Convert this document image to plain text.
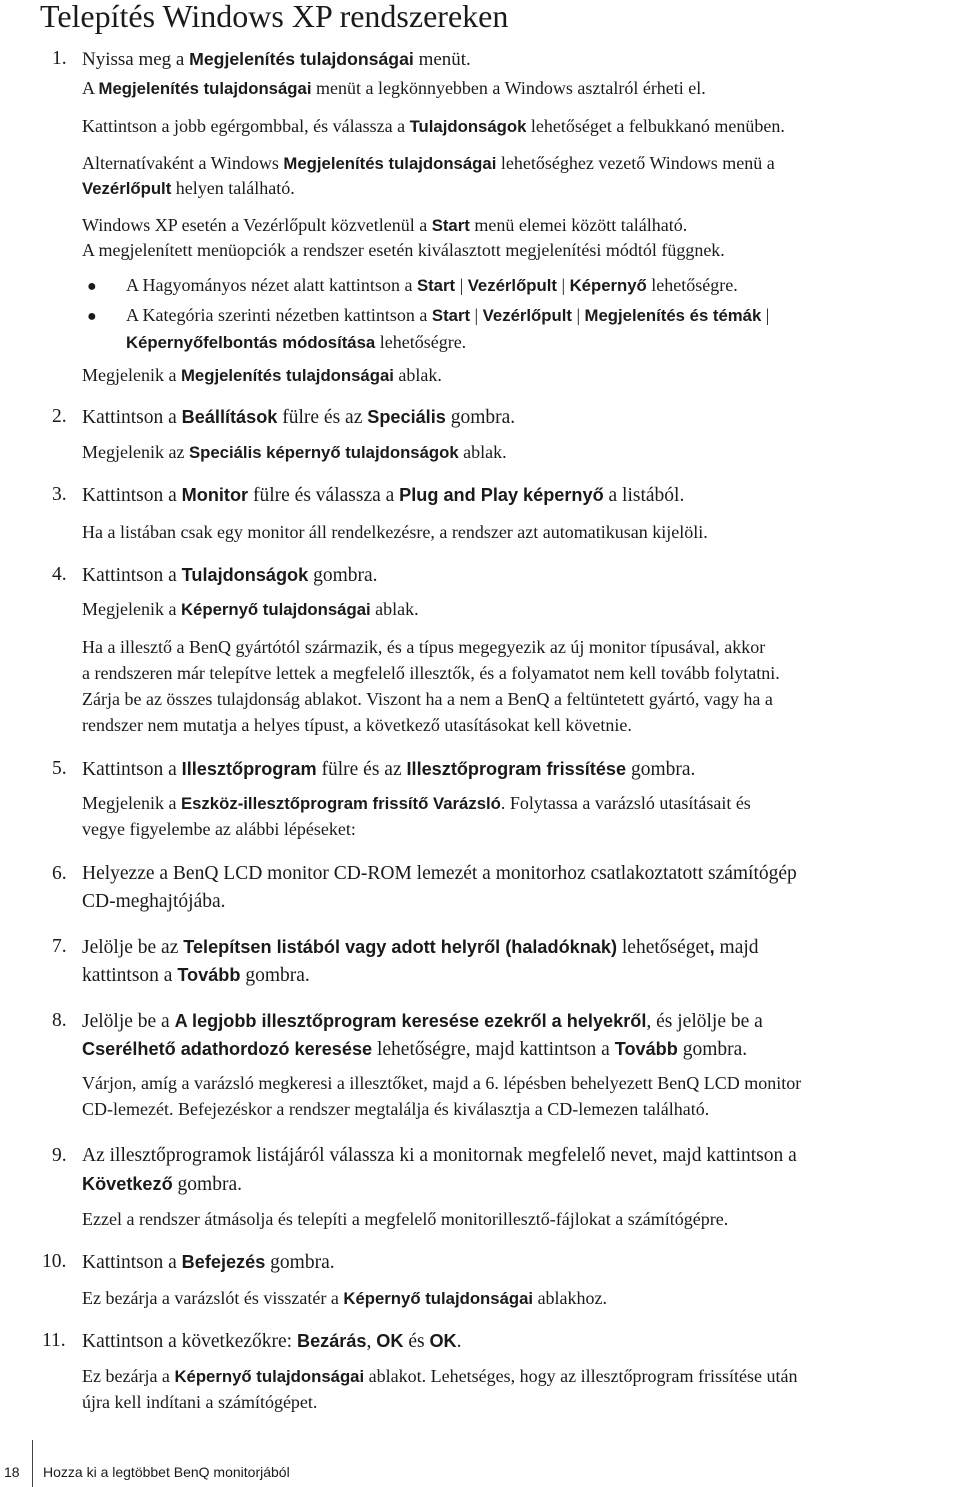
Telepítés Windows XP rendszereken
1. Nyissa meg a Megjelenítés tulajdonságai menüt.
A Megjelenítés tulajdonságai menüt a legkönnyebben a Windows asztalról érheti el.
Kattintson a jobb egérgombbal, és válassza a Tulajdonságok lehetőséget a felbukkanó menüben.
Alternatívaként a Windows Megjelenítés tulajdonságai lehetőséghez vezető Windows menü a
Vezérlőpult helyen található.
Windows XP esetén a Vezérlőpult közvetlenül a Start menü elemei között található.
A megjelenített menüopciók a rendszer esetén kiválasztott megjelenítési módtól függnek.
● A Hagyományos nézet alatt kattintson a Start | Vezérlőpult | Képernyő lehetőségre.
● A Kategória szerinti nézetben kattintson a Start | Vezérlőpult | Megjelenítés és témák |
Képernyőfelbontás módosítása lehetőségre.
Megjelenik a Megjelenítés tulajdonságai ablak.
2. Kattintson a Beállítások fülre és az Speciális gombra.
Megjelenik az Speciális képernyő tulajdonságok ablak.
3. Kattintson a Monitor fülre és válassza a Plug and Play képernyő a listából.
Ha a listában csak egy monitor áll rendelkezésre, a rendszer azt automatikusan kijelöli.
4. Kattintson a Tulajdonságok gombra.
Megjelenik a Képernyő tulajdonságai ablak.
Ha a illesztő a BenQ gyártótól származik, és a típus megegyezik az új monitor típusával, akkor
a rendszeren már telepítve lettek a megfelelő illesztők, és a folyamatot nem kell tovább folytatni.
Zárja be az összes tulajdonság ablakot. Viszont ha a nem a BenQ a feltüntetett gyártó, vagy ha a
rendszer nem mutatja a helyes típust, a következő utasításokat kell követnie.
5. Kattintson a Illesztőprogram fülre és az Illesztőprogram frissítése gombra.
Megjelenik a Eszköz-illesztőprogram frissítő Varázsló. Folytassa a varázsló utasításait és
vegye figyelembe az alábbi lépéseket:
6. Helyezze a BenQ LCD monitor CD-ROM lemezét a monitorhoz csatlakoztatott számítógép
CD-meghajtójába.
7. Jelölje be az Telepítsen listából vagy adott helyről (haladóknak) lehetőséget, majd
kattintson a Tovább gombra.
8. Jelölje be a A legjobb illesztőprogram keresése ezekről a helyekről, és jelölje be a
Cserélhető adathordozó keresése lehetőségre, majd kattintson a Tovább gombra.
Várjon, amíg a varázsló megkeresi a illesztőket, majd a 6. lépésben behelyezett BenQ LCD monitor
CD-lemezét. Befejezéskor a rendszer megtalálja és kiválasztja a CD-lemezen található.
9. Az illesztőprogramok listájáról válassza ki a monitornak megfelelő nevet, majd kattintson a
Következő gombra.
Ezzel a rendszer átmásolja és telepíti a megfelelő monitorillesztő-fájlokat a számítógépre.
10. Kattintson a Befejezés gombra.
Ez bezárja a varázslót és visszatér a Képernyő tulajdonságai ablakhoz.
11. Kattintson a következőkre: Bezárás, OK és OK.
Ez bezárja a Képernyő tulajdonságai ablakot. Lehetséges, hogy az illesztőprogram frissítése után
újra kell indítani a számítógépet.
18 Hozza ki a legtöbbet BenQ monitorjából
